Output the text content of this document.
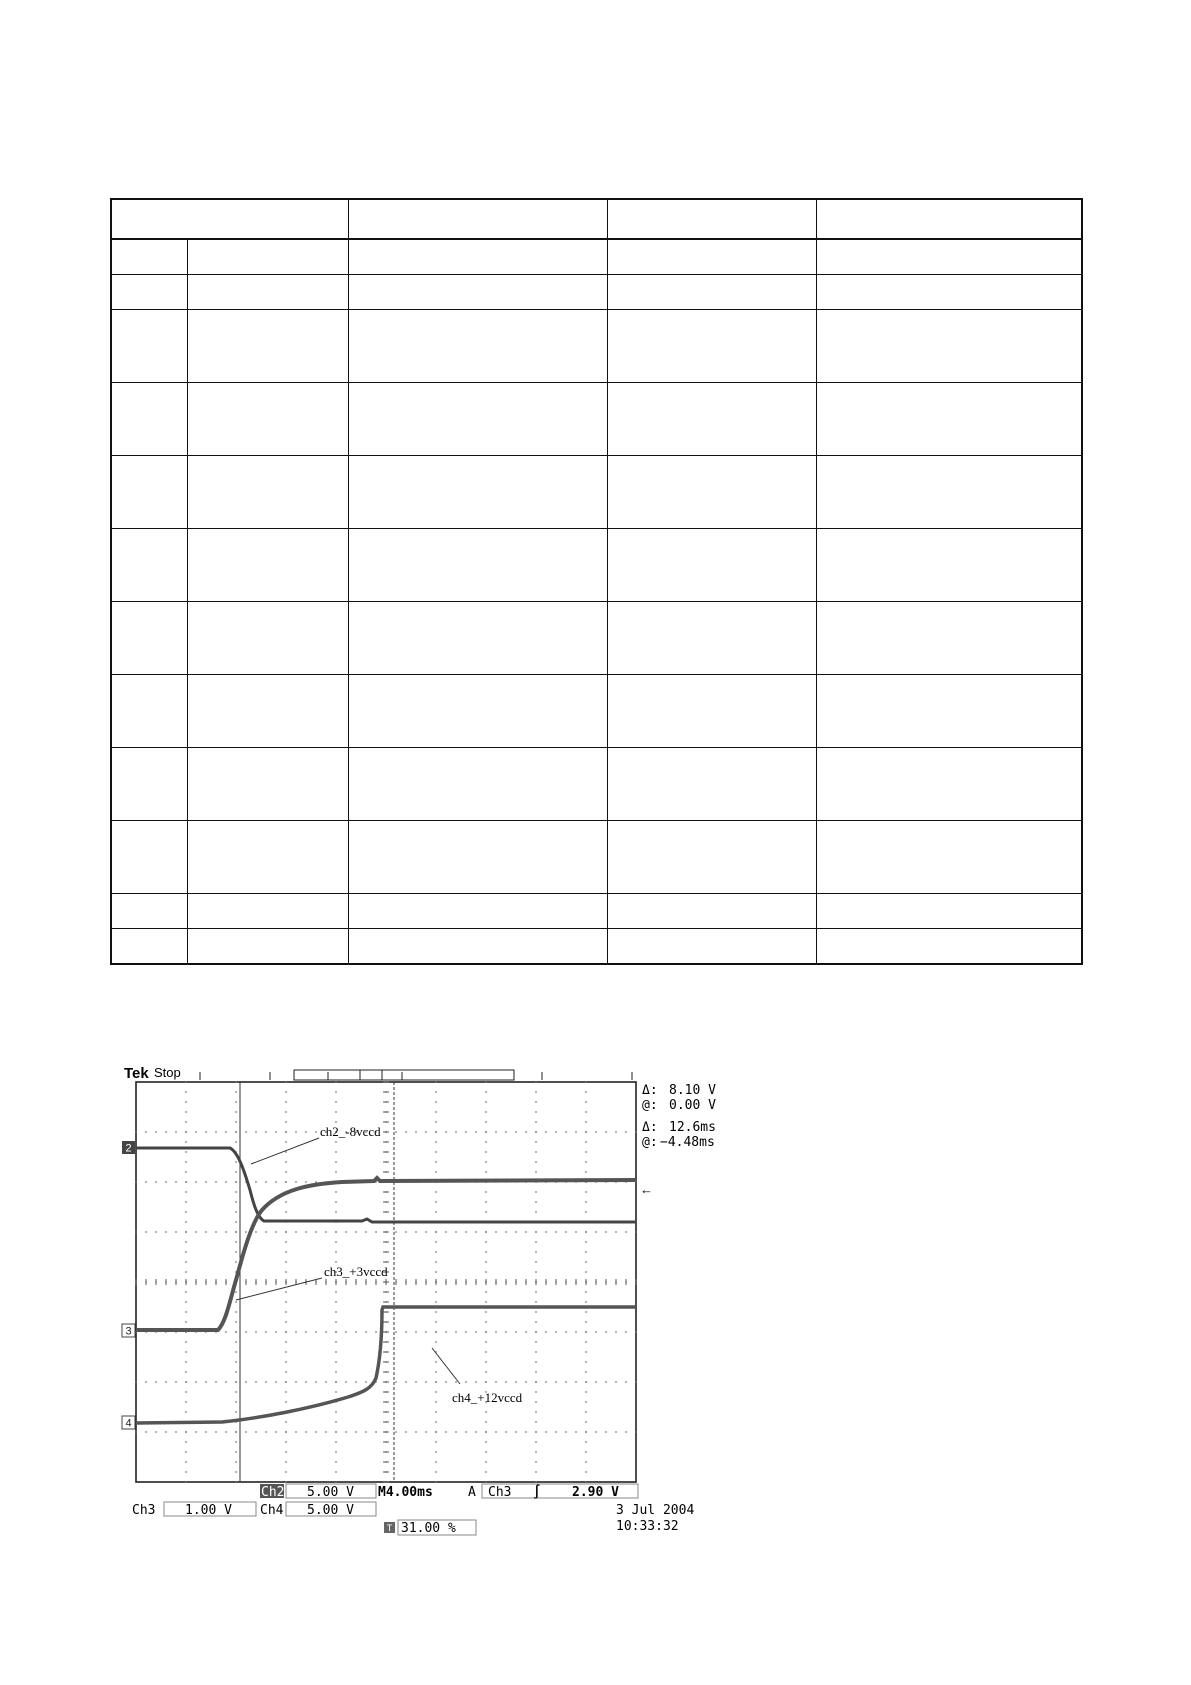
Tek Stop
2
3
4
←
ch2_-8vccd
ch3_+3vccd
ch4_+12vccd
Δ: 8.10 V
@: 0.00 V
Δ: 12.6ms
@: −4.48ms
Ch2 5.00 V M4.00ms	A Ch3 ∫ 2.90 V
Ch3 1.00 V Ch4 5.00 V
T 31.00 %
3 Jul 2004
10:33:32
